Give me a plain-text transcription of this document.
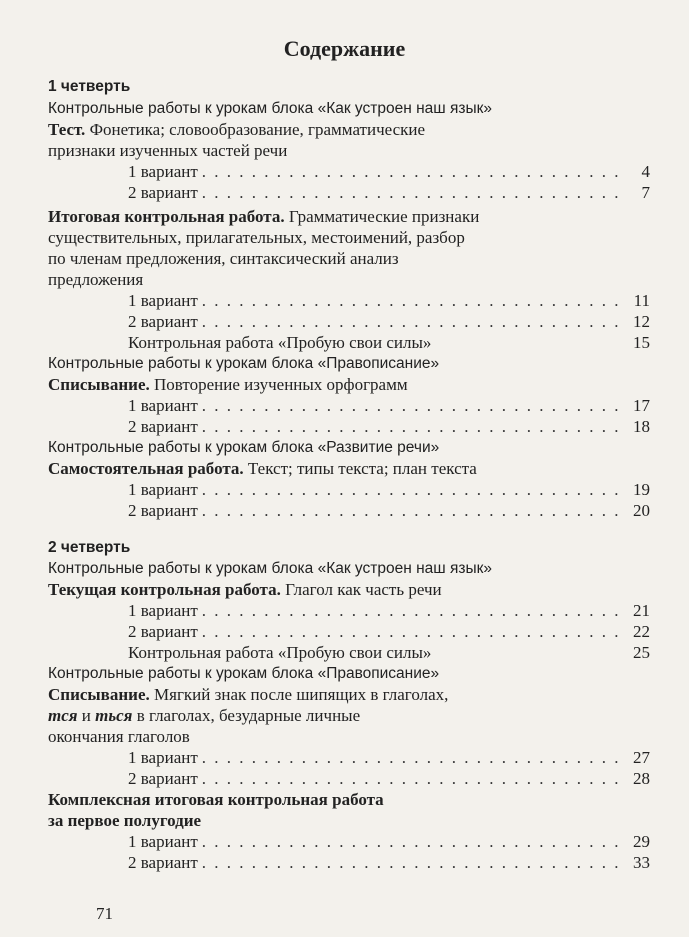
Содержание
1 четверть
Контрольные работы к урокам блока «Как устроен наш язык»
Тест. Фонетика; словообразование, грамматические
признаки изученных частей речи
1 вариант . . .	4
2 вариант . . .	7
Итоговая контрольная работа. Грамматические признаки
существительных, прилагательных, местоимений, разбор
по членам предложения, синтаксический анализ
предложения
1 вариант . . .	11
2 вариант . . .	12
Контрольная работа «Пробую свои силы»	15
Контрольные работы к урокам блока «Правописание»
Списывание. Повторение изученных орфограмм
1 вариант . . .	17
2 вариант . . .	18
Контрольные работы к урокам блока «Развитие речи»
Самостоятельная работа. Текст; типы текста; план текста
1 вариант . . .	19
2 вариант . . .	20
2 четверть
Контрольные работы к урокам блока «Как устроен наш язык»
Текущая контрольная работа. Глагол как часть речи
1 вариант . . .	21
2 вариант . . .	22
Контрольная работа «Пробую свои силы»	25
Контрольные работы к урокам блока «Правописание»
Списывание. Мягкий знак после шипящих в глаголах,
тся и ться в глаголах, безударные личные
окончания глаголов
1 вариант . . .	27
2 вариант . . .	28
Комплексная итоговая контрольная работа
за первое полугодие
1 вариант . . .	29
2 вариант . . .	33
71
